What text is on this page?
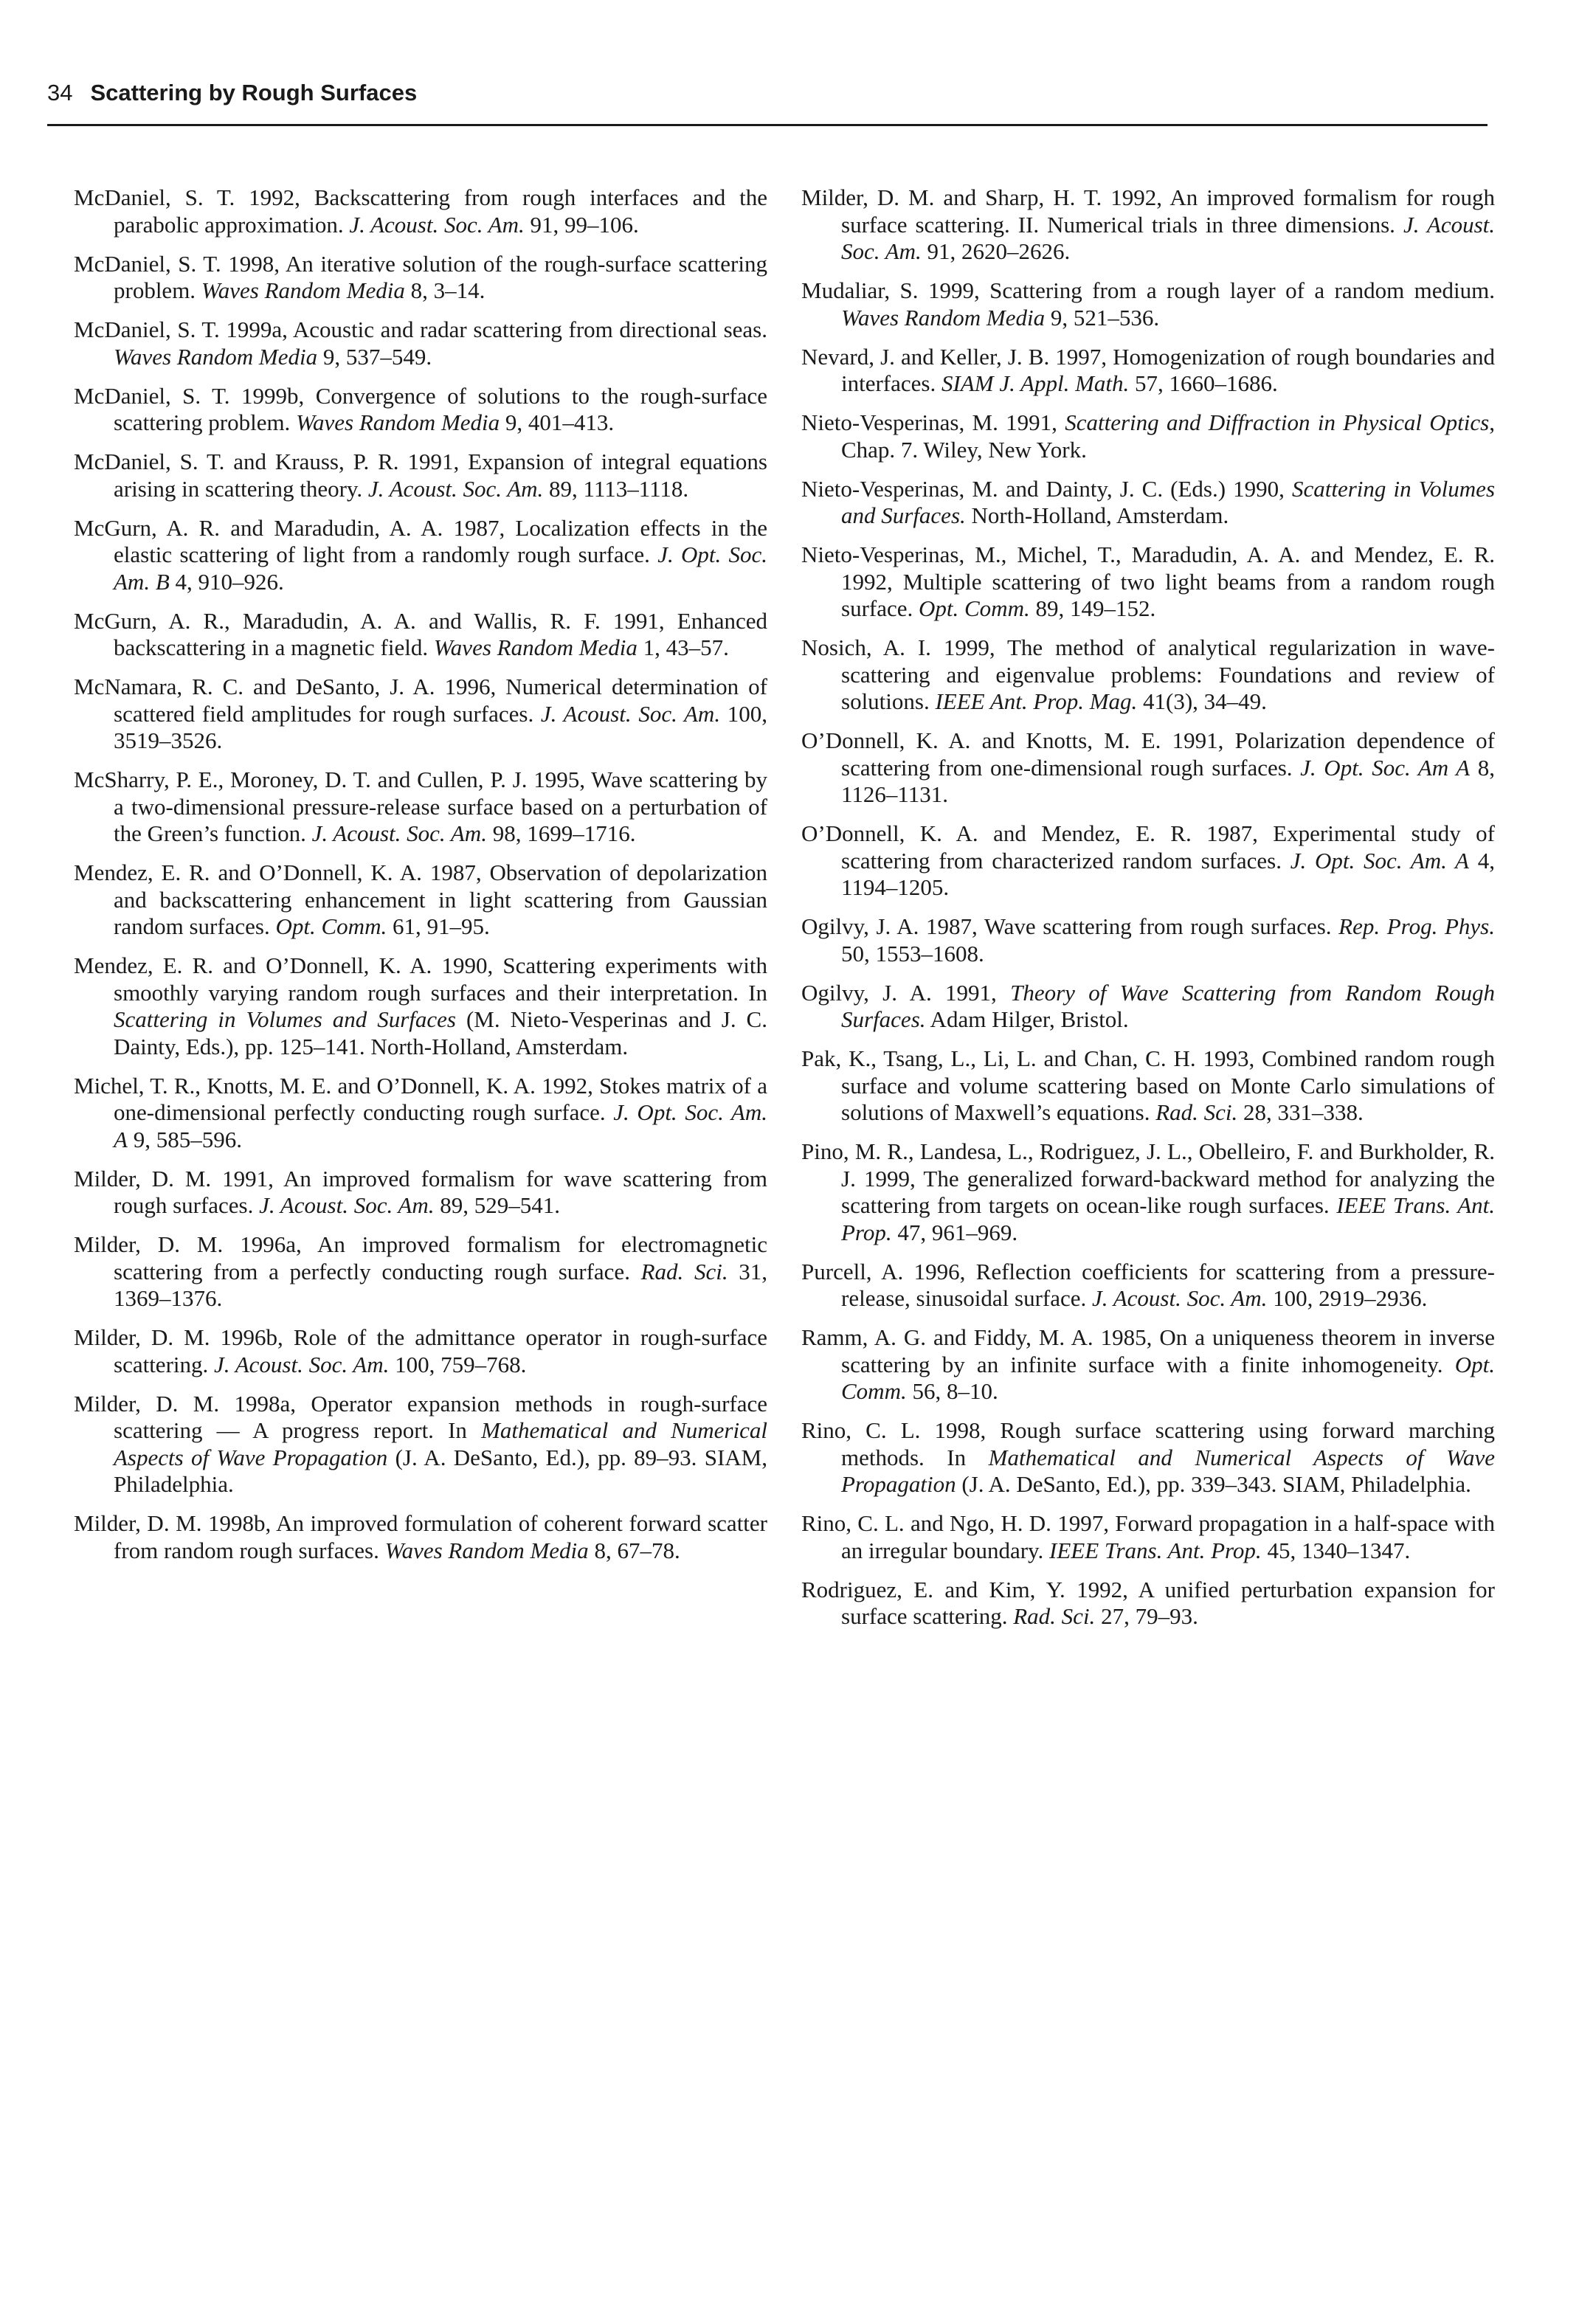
34 Scattering by Rough Surfaces

McDaniel, S. T. 1992, Backscattering from rough interfaces and the parabolic approximation. J. Acoust. Soc. Am. 91, 99–106.

McDaniel, S. T. 1998, An iterative solution of the rough-surface scattering problem. Waves Random Media 8, 3–14.

McDaniel, S. T. 1999a, Acoustic and radar scattering from directional seas. Waves Random Media 9, 537–549.

McDaniel, S. T. 1999b, Convergence of solutions to the rough-surface scattering problem. Waves Random Media 9, 401–413.

McDaniel, S. T. and Krauss, P. R. 1991, Expansion of integral equations arising in scattering theory. J. Acoust. Soc. Am. 89, 1113–1118.

McGurn, A. R. and Maradudin, A. A. 1987, Localization effects in the elastic scattering of light from a randomly rough surface. J. Opt. Soc. Am. B 4, 910–926.

McGurn, A. R., Maradudin, A. A. and Wallis, R. F. 1991, Enhanced backscattering in a magnetic field. Waves Random Media 1, 43–57.

McNamara, R. C. and DeSanto, J. A. 1996, Numerical determination of scattered field amplitudes for rough surfaces. J. Acoust. Soc. Am. 100, 3519–3526.

McSharry, P. E., Moroney, D. T. and Cullen, P. J. 1995, Wave scattering by a two-dimensional pressure-release surface based on a perturbation of the Green’s function. J. Acoust. Soc. Am. 98, 1699–1716.

Mendez, E. R. and O’Donnell, K. A. 1987, Observation of depolarization and backscattering enhancement in light scattering from Gaussian random surfaces. Opt. Comm. 61, 91–95.

Mendez, E. R. and O’Donnell, K. A. 1990, Scattering experiments with smoothly varying random rough surfaces and their interpretation. In Scattering in Volumes and Surfaces (M. Nieto-Vesperinas and J. C. Dainty, Eds.), pp. 125–141. North-Holland, Amsterdam.

Michel, T. R., Knotts, M. E. and O’Donnell, K. A. 1992, Stokes matrix of a one-dimensional perfectly conducting rough surface. J. Opt. Soc. Am. A 9, 585–596.

Milder, D. M. 1991, An improved formalism for wave scattering from rough surfaces. J. Acoust. Soc. Am. 89, 529–541.

Milder, D. M. 1996a, An improved formalism for electromagnetic scattering from a perfectly conducting rough surface. Rad. Sci. 31, 1369–1376.

Milder, D. M. 1996b, Role of the admittance operator in rough-surface scattering. J. Acoust. Soc. Am. 100, 759–768.

Milder, D. M. 1998a, Operator expansion methods in rough-surface scattering — A progress report. In Mathematical and Numerical Aspects of Wave Propagation (J. A. DeSanto, Ed.), pp. 89–93. SIAM, Philadelphia.

Milder, D. M. 1998b, An improved formulation of coherent forward scatter from random rough surfaces. Waves Random Media 8, 67–78.

Milder, D. M. and Sharp, H. T. 1992, An improved formalism for rough surface scattering. II. Numerical trials in three dimensions. J. Acoust. Soc. Am. 91, 2620–2626.

Mudaliar, S. 1999, Scattering from a rough layer of a random medium. Waves Random Media 9, 521–536.

Nevard, J. and Keller, J. B. 1997, Homogenization of rough boundaries and interfaces. SIAM J. Appl. Math. 57, 1660–1686.

Nieto-Vesperinas, M. 1991, Scattering and Diffraction in Physical Optics, Chap. 7. Wiley, New York.

Nieto-Vesperinas, M. and Dainty, J. C. (Eds.) 1990, Scattering in Volumes and Surfaces. North-Holland, Amsterdam.

Nieto-Vesperinas, M., Michel, T., Maradudin, A. A. and Mendez, E. R. 1992, Multiple scattering of two light beams from a random rough surface. Opt. Comm. 89, 149–152.

Nosich, A. I. 1999, The method of analytical regularization in wave-scattering and eigenvalue problems: Foundations and review of solutions. IEEE Ant. Prop. Mag. 41(3), 34–49.

O’Donnell, K. A. and Knotts, M. E. 1991, Polarization dependence of scattering from one-dimensional rough surfaces. J. Opt. Soc. Am A 8, 1126–1131.

O’Donnell, K. A. and Mendez, E. R. 1987, Experimental study of scattering from characterized random surfaces. J. Opt. Soc. Am. A 4, 1194–1205.

Ogilvy, J. A. 1987, Wave scattering from rough surfaces. Rep. Prog. Phys. 50, 1553–1608.

Ogilvy, J. A. 1991, Theory of Wave Scattering from Random Rough Surfaces. Adam Hilger, Bristol.

Pak, K., Tsang, L., Li, L. and Chan, C. H. 1993, Combined random rough surface and volume scattering based on Monte Carlo simulations of solutions of Maxwell’s equations. Rad. Sci. 28, 331–338.

Pino, M. R., Landesa, L., Rodriguez, J. L., Obelleiro, F. and Burkholder, R. J. 1999, The generalized forward-backward method for analyzing the scattering from targets on ocean-like rough surfaces. IEEE Trans. Ant. Prop. 47, 961–969.

Purcell, A. 1996, Reflection coefficients for scattering from a pressure-release, sinusoidal surface. J. Acoust. Soc. Am. 100, 2919–2936.

Ramm, A. G. and Fiddy, M. A. 1985, On a uniqueness theorem in inverse scattering by an infinite surface with a finite inhomogeneity. Opt. Comm. 56, 8–10.

Rino, C. L. 1998, Rough surface scattering using forward marching methods. In Mathematical and Numerical Aspects of Wave Propagation (J. A. DeSanto, Ed.), pp. 339–343. SIAM, Philadelphia.

Rino, C. L. and Ngo, H. D. 1997, Forward propagation in a half-space with an irregular boundary. IEEE Trans. Ant. Prop. 45, 1340–1347.

Rodriguez, E. and Kim, Y. 1992, A unified perturbation expansion for surface scattering. Rad. Sci. 27, 79–93.
